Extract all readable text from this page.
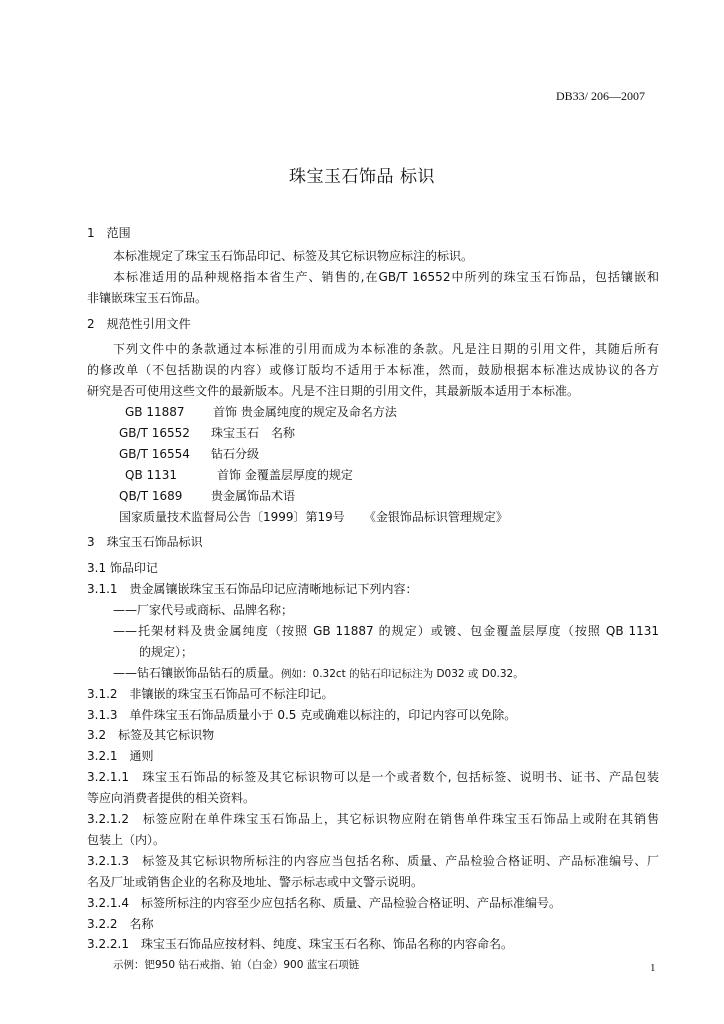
DB33/ 206—2007
珠宝玉石饰品 标识
1　范围
本标准规定了珠宝玉石饰品印记、标签及其它标识物应标注的标识。
本标准适用的品种规格指本省生产、销售的,在GB/T 16552中所列的珠宝玉石饰品，包括镶嵌和
非镶嵌珠宝玉石饰品。
2　规范性引用文件
下列文件中的条款通过本标准的引用而成为本标准的条款。凡是注日期的引用文件，其随后所有
的修改单（不包括勘误的内容）或修订版均不适用于本标准，然而，鼓励根据本标准达成协议的各方
研究是否可使用这些文件的最新版本。凡是不注日期的引用文件，其最新版本适用于本标准。
GB 11887 首饰 贵金属纯度的规定及命名方法
GB/T 16552 珠宝玉石　名称
GB/T 16554 钻石分级
QB 1131	首饰 金覆盖层厚度的规定
QB/T 1689 贵金属饰品术语
国家质量技术监督局公告〔1999〕第19号 《金银饰品标识管理规定》
3　珠宝玉石饰品标识
3.1 饰品印记
3.1.1　贵金属镶嵌珠宝玉石饰品印记应清晰地标记下列内容：
——厂家代号或商标、品牌名称；
——托架材料及贵金属纯度（按照 GB 11887 的规定）或镀、包金覆盖层厚度（按照 QB 1131
的规定）；
——钻石镶嵌饰品钻石的质量。例如：0.32ct 的钻石印记标注为 D032 或 D0.32。
3.1.2　非镶嵌的珠宝玉石饰品可不标注印记。
3.1.3　单件珠宝玉石饰品质量小于 0.5 克或确难以标注的，印记内容可以免除。
3.2　标签及其它标识物
3.2.1　通则
3.2.1.1　珠宝玉石饰品的标签及其它标识物可以是一个或者数个, 包括标签、说明书、证书、产品包装
等应向消费者提供的相关资料。
3.2.1.2　标签应附在单件珠宝玉石饰品上，其它标识物应附在销售单件珠宝玉石饰品上或附在其销售
包装上（内）。
3.2.1.3　标签及其它标识物所标注的内容应当包括名称、质量、产品检验合格证明、产品标准编号、厂
名及厂址或销售企业的名称及地址、警示标志或中文警示说明。
3.2.1.4　标签所标注的内容至少应包括名称、质量、产品检验合格证明、产品标准编号。
3.2.2　名称
3.2.2.1　珠宝玉石饰品应按材料、纯度、珠宝玉石名称、饰品名称的内容命名。
示例：钯950 钻石戒指、铂（白金）900 蓝宝石项链	1
